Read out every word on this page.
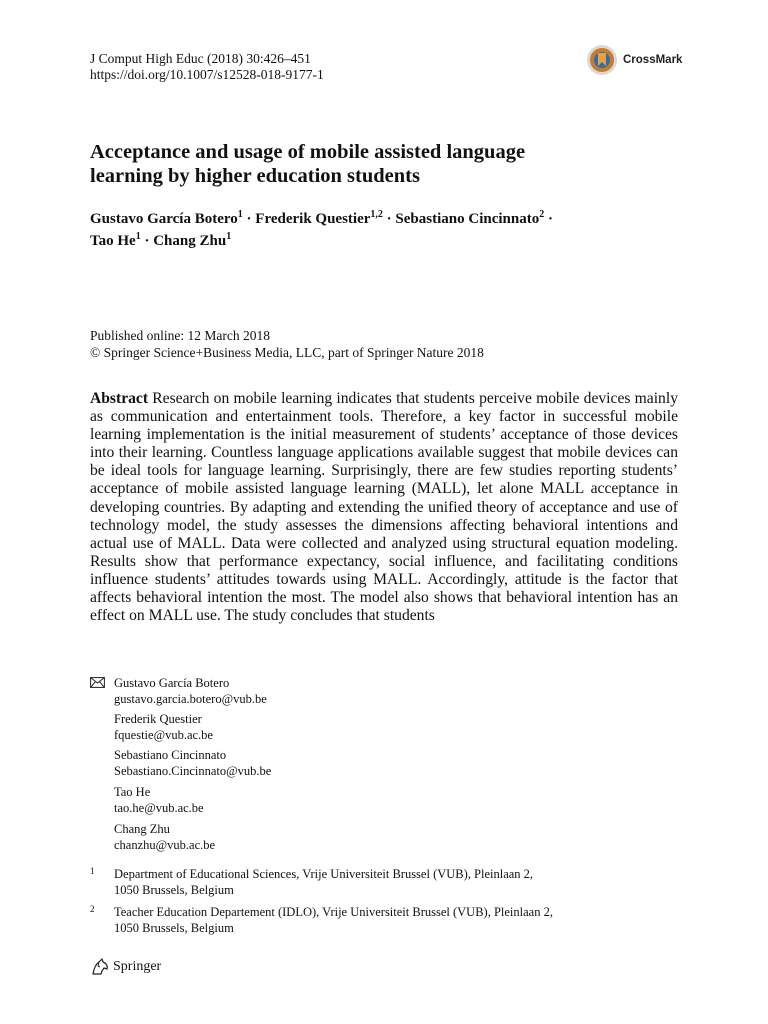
J Comput High Educ (2018) 30:426–451
https://doi.org/10.1007/s12528-018-9177-1
CrossMark
Acceptance and usage of mobile assisted language
learning by higher education students
Gustavo García Botero$^1$ · Frederik Questier$^{1,2}$ · Sebastiano Cincinnato$^2$ ·
Tao $He^1$ · Chang Zhu$^1$
Published online: 12 March 2018
© Springer Science+Business Media, LLC, part of Springer Nature 2018
Abstract Research on mobile learning indicates that students perceive mobile devices mainly as communication and entertainment tools. Therefore, a key factor in successful mobile learning implementation is the initial measurement of students’ acceptance of those devices into their learning. Countless language applications available suggest that mobile devices can be ideal tools for language learning. Surprisingly, there are few studies reporting students’ acceptance of mobile assisted language learning (MALL), let alone MALL acceptance in developing countries. By adapting and extending the unified theory of acceptance and use of technology model, the study assesses the dimensions affecting behavioral intentions and actual use of MALL. Data were collected and analyzed using structural equation modeling. Results show that performance expectancy, social influence, and facilitating conditions influence students’ attitudes towards using MALL. Accordingly, attitude is the factor that affects behavioral intention the most. The model also shows that behavioral intention has an effect on MALL use. The study concludes that students
Gustavo García Botero
gustavo.garcia.botero@vub.be
Frederik Questier
fquestie@vub.ac.be
Sebastiano Cincinnato
Sebastiano.Cincinnato@vub.be
Tao He
tao.he@vub.ac.be
Chang Zhu
chanzhu@vub.ac.be
1 Department of Educational Sciences, Vrije Universiteit Brussel (VUB), Pleinlaan 2,
1050 Brussels, Belgium
2 Teacher Education Departement (IDLO), Vrije Universiteit Brussel (VUB), Pleinlaan 2,
1050 Brussels, Belgium
Springer
